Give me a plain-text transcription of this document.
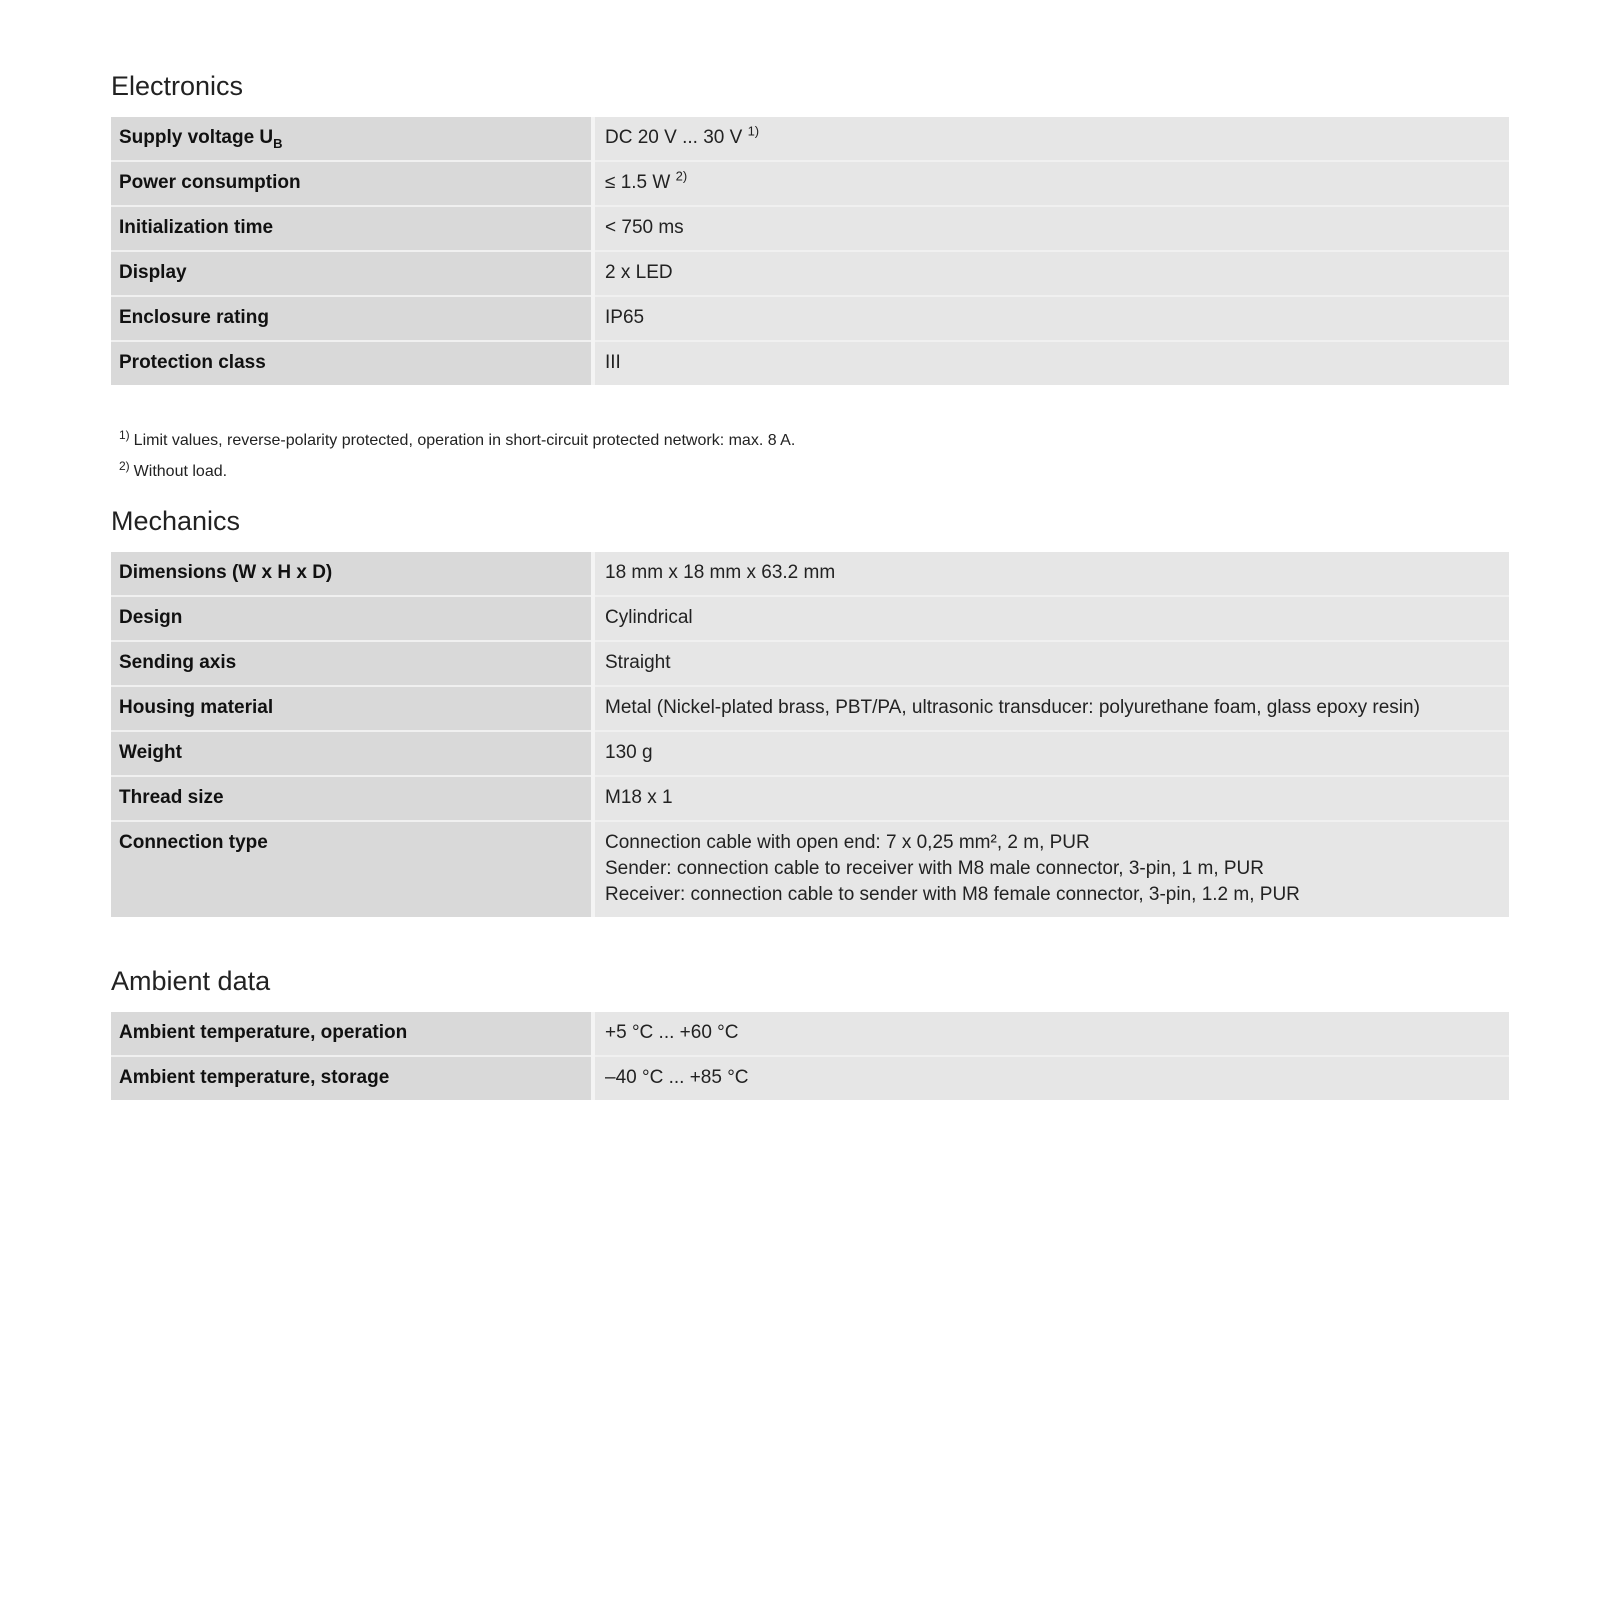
Electronics
Supply voltage $U_B$	DC 20 V ... 30 V $^{1)}$
Power consumption	≤ 1.5 W $^{2)}$
Initialization time	< 750 ms
Display	2 x LED
Enclosure rating	IP65
Protection class	III
$^{1)}$ Limit values, reverse-polarity protected, operation in short-circuit protected network: max. 8 A.
$^{2)}$ Without load.
Mechanics
Dimensions (W x H x D)	18 mm x 18 mm x 63.2 mm
Design	Cylindrical
Sending axis	Straight
Housing material	Metal (Nickel-plated brass, PBT/PA, ultrasonic transducer: polyurethane foam, glass epoxy resin)
Weight	130 g
Thread size	M18 x 1
Connection type	Connection cable with open end: 7 x 0,25 mm², 2 m, PUR
Sender: connection cable to receiver with M8 male connector, 3-pin, 1 m, PUR
Receiver: connection cable to sender with M8 female connector, 3-pin, 1.2 m, PUR
Ambient data
Ambient temperature, operation	+5 °C ... +60 °C
Ambient temperature, storage	–40 °C ... +85 °C
